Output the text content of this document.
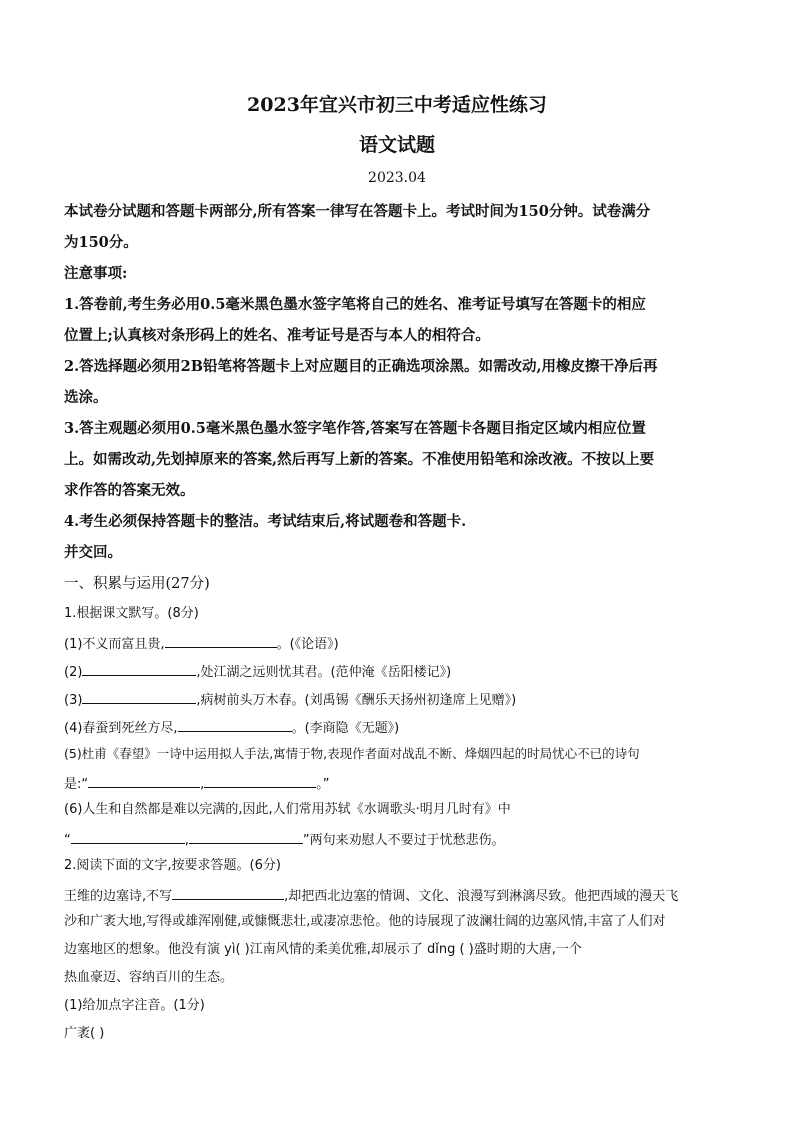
2023年宜兴市初三中考适应性练习
语文试题
2023.04
本试卷分试题和答题卡两部分,所有答案一律写在答题卡上。考试时间为150分钟。试卷满分
为150分。
注意事项:
1.答卷前,考生务必用0.5毫米黑色墨水签字笔将自己的姓名、准考证号填写在答题卡的相应
位置上;认真核对条形码上的姓名、准考证号是否与本人的相符合。
2.答选择题必须用2B铅笔将答题卡上对应题目的正确选项涂黑。如需改动,用橡皮擦干净后再
选涂。
3.答主观题必须用0.5毫米黑色墨水签字笔作答,答案写在答题卡各题目指定区域内相应位置
上。如需改动,先划掉原来的答案,然后再写上新的答案。不准使用铅笔和涂改液。不按以上要
求作答的答案无效。
4.考生必须保持答题卡的整洁。考试结束后,将试题卷和答题卡.
并交回。
一、积累与运用(27分)
1.根据课文默写。(8分)
(1)不义而富且贵,	。(《论语》)
(2)	,处江湖之远则忧其君。(范仲淹《岳阳楼记》)
(3)	,病树前头万木春。(刘禹锡《酬乐天扬州初逢席上见赠》)
(4)春蚕到死丝方尽,	。(李商隐《无题》)
(5)杜甫《春望》一诗中运用拟人手法,寓情于物,表现作者面对战乱不断、烽烟四起的时局忧心不已的诗句
是:“	,	。”
(6)人生和自然都是难以完满的,因此,人们常用苏轼《水调歌头·明月几时有》中
“	,	”两句来劝慰人不要过于忧愁悲伤。
2.阅读下面的文字,按要求答题。(6分)
王维的边塞诗,不写	,却把西北边塞的情调、文化、浪漫写到淋漓尽致。他把西域的漫天飞
沙和广袤大地,写得或雄浑刚健,或慷慨悲壮,或凄凉悲怆。他的诗展现了波澜壮阔的边塞风情,丰富了人们对
边塞地区的想象。他没有演 yì( )江南风情的柔美优雅,却展示了 dǐng ( )盛时期的大唐,一个
热血豪迈、容纳百川的生态。
(1)给加点字注音。(1分)
广袤( )
